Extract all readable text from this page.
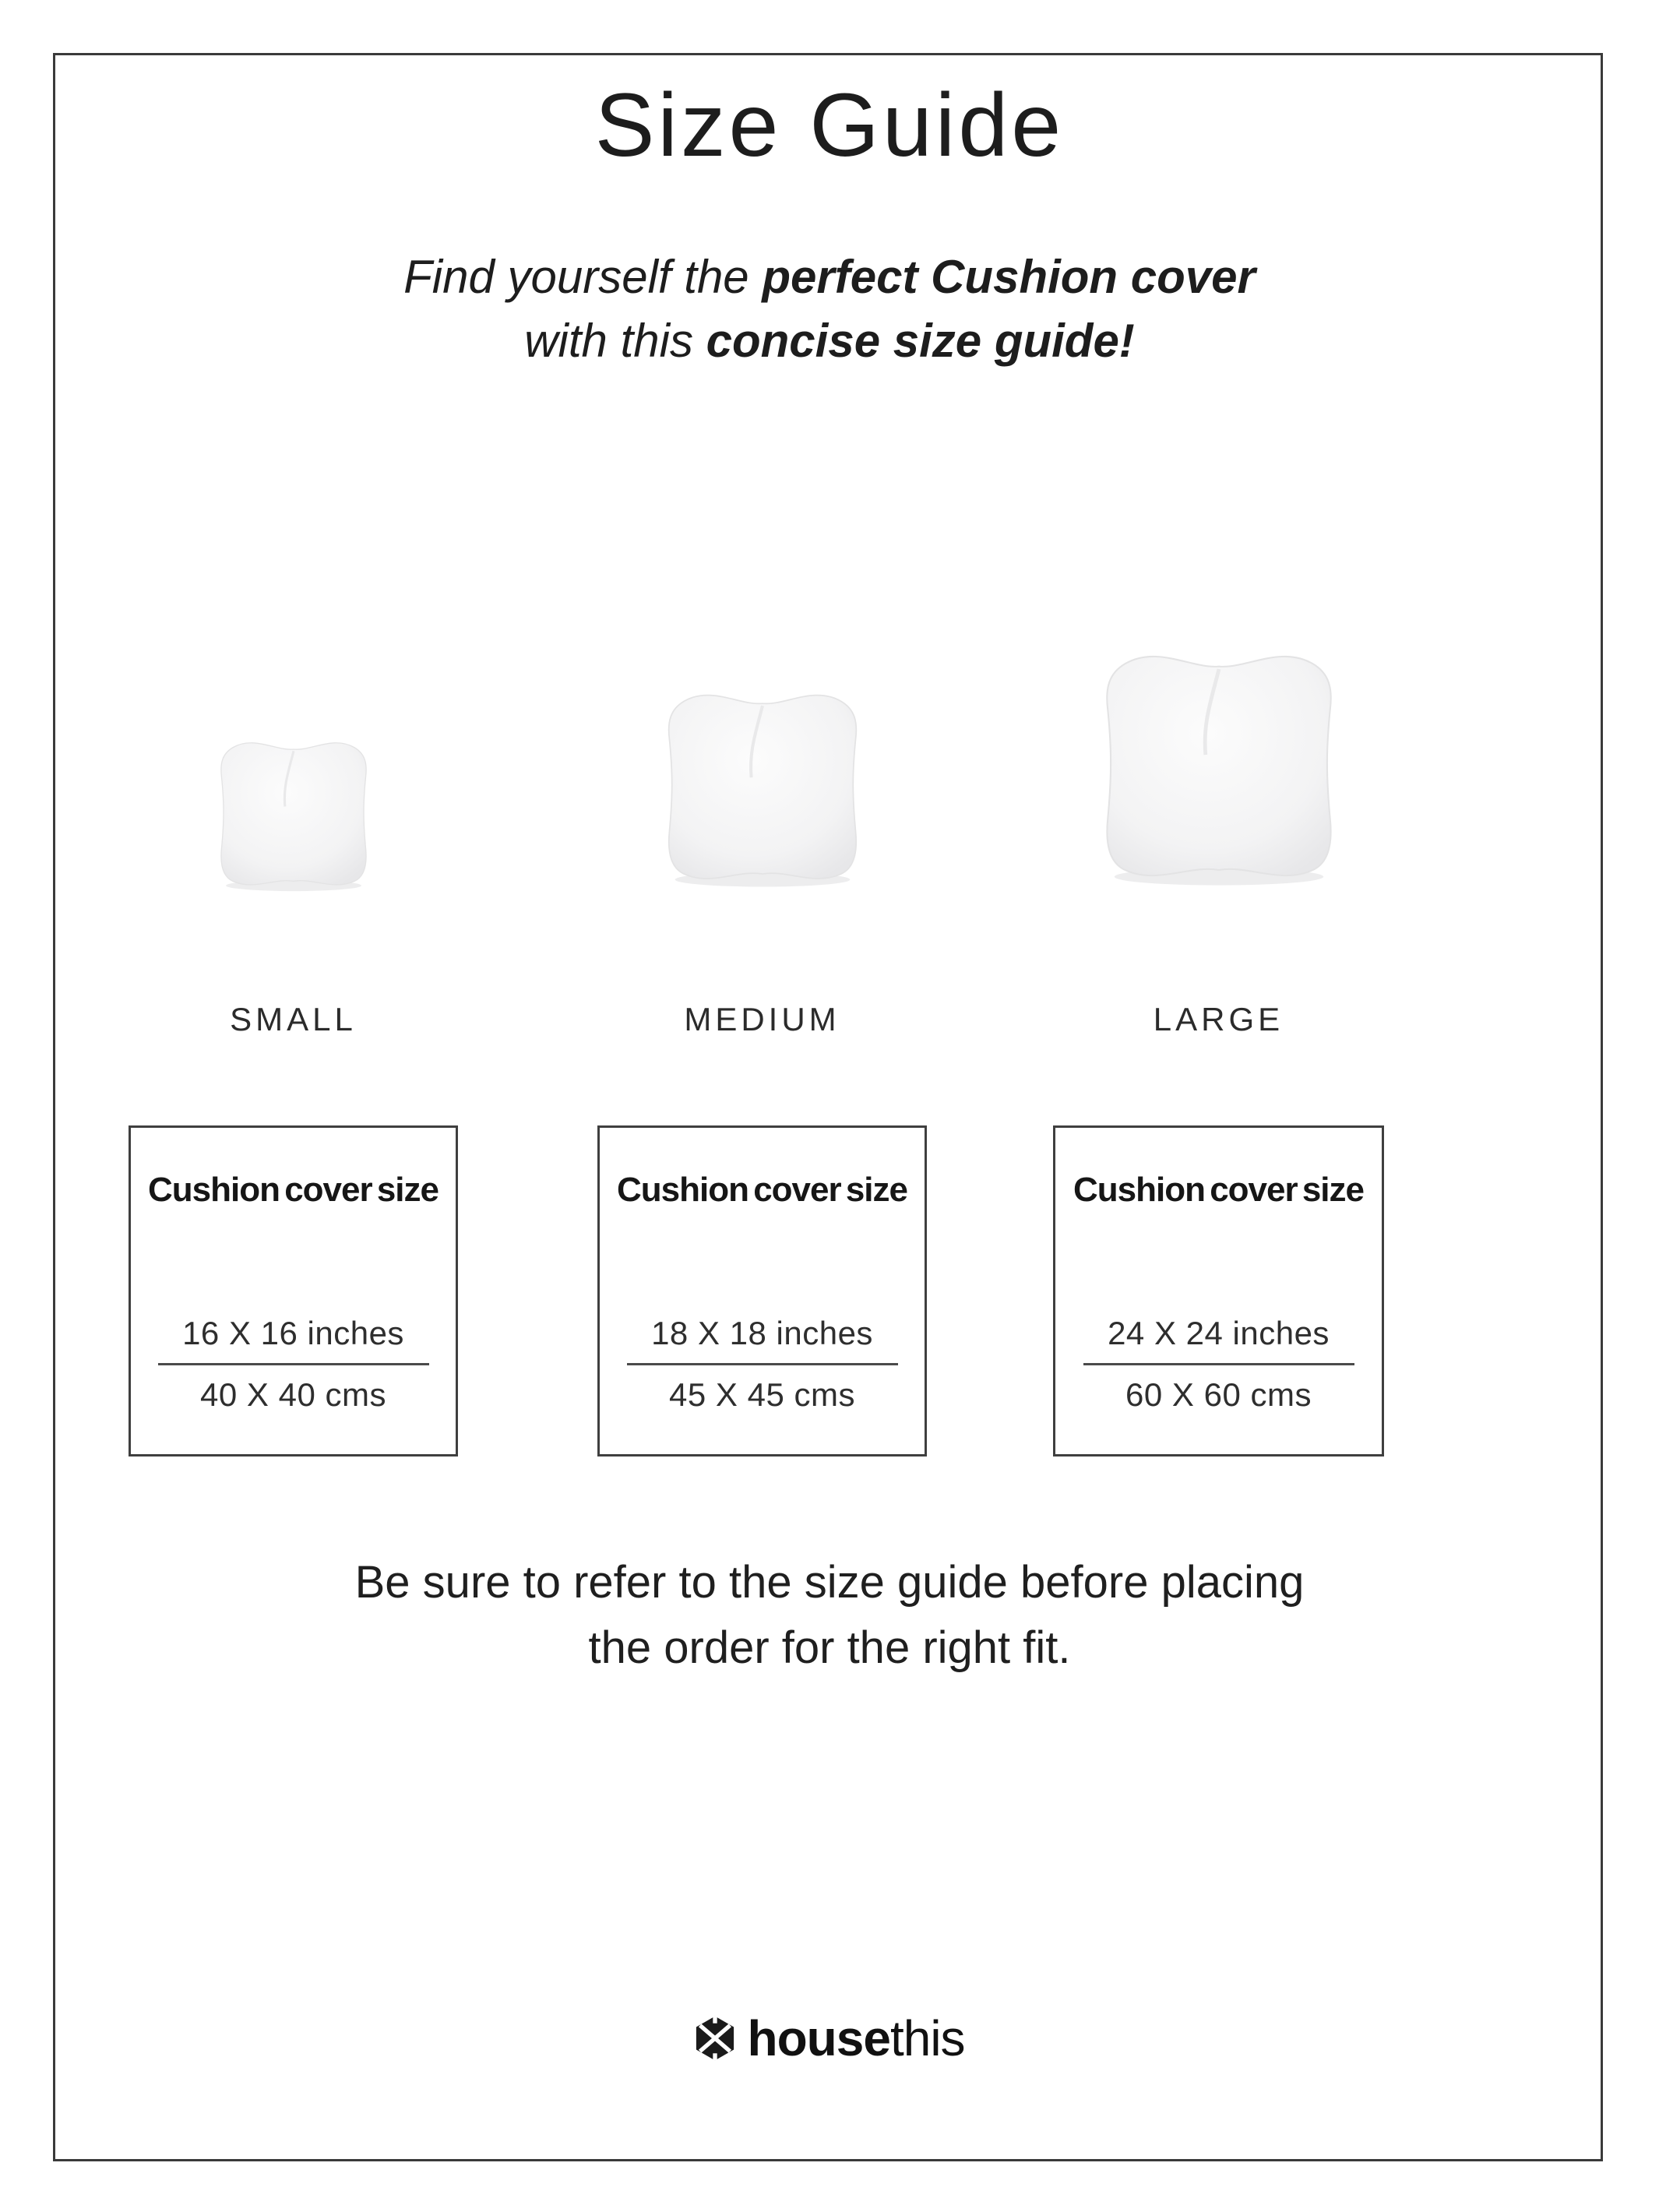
Size Guide
Find yourself the perfect Cushion cover
with this concise size guide!
SMALL
Cushion cover size
16 X 16 inches
40 X 40 cms
MEDIUM
Cushion cover size
18 X 18 inches
45 X 45 cms
LARGE
Cushion cover size
24 X 24 inches
60 X 60 cms
Be sure to refer to the size guide before placing
the order for the right fit.
housethis
